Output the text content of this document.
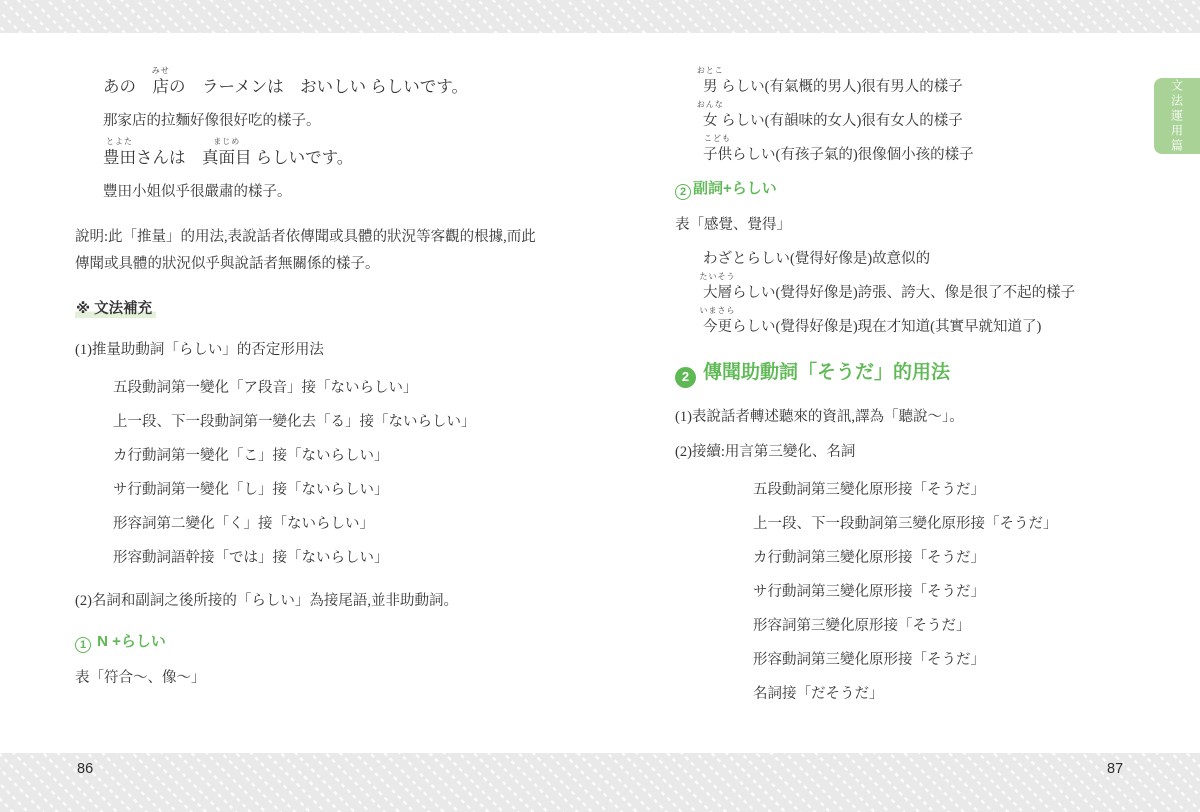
あの　
みせ
店の　ラーメンは　おいしい らしいです。
那家店的拉麵好像很好吃的樣子。
とよた
豊田さんは　
まじめ
真面目 らしいです。
豐田小姐似乎很嚴肅的樣子。
說明:此「推量」的用法,表說話者依傳聞或具體的狀況等客觀的根據,而此傳聞或具體的狀況似乎與說話者無關係的樣子。
※ 文法補充
(1)推量助動詞「らしい」的否定形用法
五段動詞第一變化「ア段音」接「ないらしい」
上一段、下一段動詞第一變化去「る」接「ないらしい」
カ行動詞第一變化「こ」接「ないらしい」
サ行動詞第一變化「し」接「ないらしい」
形容詞第二變化「く」接「ないらしい」
形容動詞語幹接「では」接「ないらしい」
(2)名詞和副詞之後所接的「らしい」為接尾語,並非助動詞。
1 N +らしい
表「符合〜、像〜」
おとこ
男 らしい(有氣概的男人)很有男人的樣子
おんな
女 らしい(有韻味的女人)很有女人的樣子
こども
子供らしい(有孩子氣的)很像個小孩的樣子
2 副詞+らしい
表「感覺、覺得」
わざとらしい(覺得好像是)故意似的
たいそう
大層らしい(覺得好像是)誇張、誇大、像是很了不起的樣子
いまさら
今更らしい(覺得好像是)現在才知道(其實早就知道了)
2 傳聞助動詞「そうだ」的用法
(1)表說話者轉述聽來的資訊,譯為「聽說〜」。
(2)接續:用言第三變化、名詞
五段動詞第三變化原形接「そうだ」
上一段、下一段動詞第三變化原形接「そうだ」
カ行動詞第三變化原形接「そうだ」
サ行動詞第三變化原形接「そうだ」
形容詞第三變化原形接「そうだ」
形容動詞第三變化原形接「そうだ」
名詞接「だそうだ」
文法運用篇
86	87
